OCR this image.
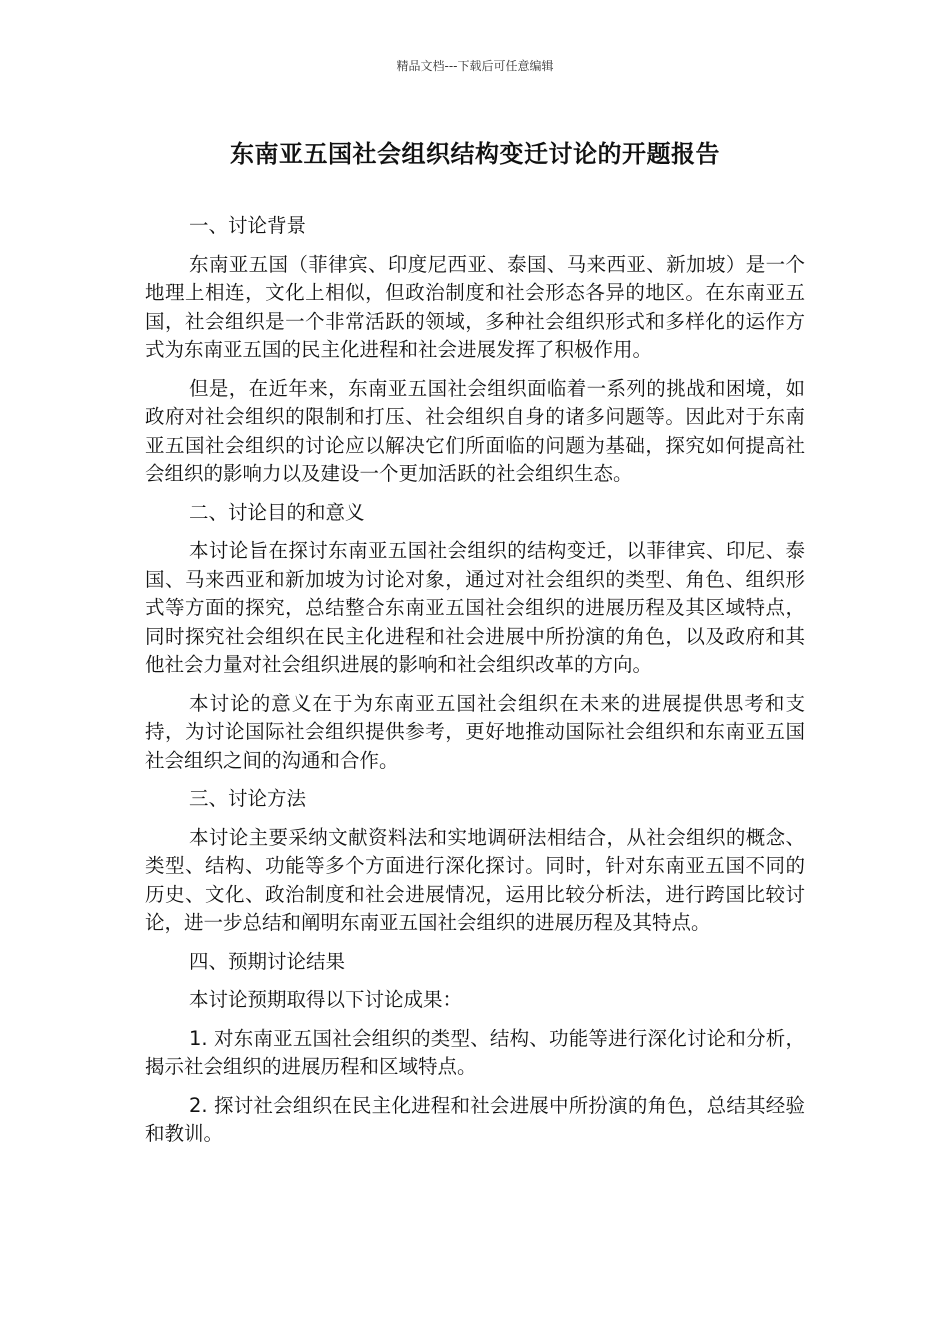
精品文档---下载后可任意编辑
东南亚五国社会组织结构变迁讨论的开题报告

一、讨论背景

东南亚五国（菲律宾、印度尼西亚、泰国、马来西亚、新加坡）是一个地理上相连，文化上相似，但政治制度和社会形态各异的地区。在东南亚五国，社会组织是一个非常活跃的领域，多种社会组织形式和多样化的运作方式为东南亚五国的民主化进程和社会进展发挥了积极作用。

但是，在近年来，东南亚五国社会组织面临着一系列的挑战和困境，如政府对社会组织的限制和打压、社会组织自身的诸多问题等。因此对于东南亚五国社会组织的讨论应以解决它们所面临的问题为基础，探究如何提高社会组织的影响力以及建设一个更加活跃的社会组织生态。

二、讨论目的和意义

本讨论旨在探讨东南亚五国社会组织的结构变迁，以菲律宾、印尼、泰国、马来西亚和新加坡为讨论对象，通过对社会组织的类型、角色、组织形式等方面的探究，总结整合东南亚五国社会组织的进展历程及其区域特点，同时探究社会组织在民主化进程和社会进展中所扮演的角色，以及政府和其他社会力量对社会组织进展的影响和社会组织改革的方向。

本讨论的意义在于为东南亚五国社会组织在未来的进展提供思考和支持，为讨论国际社会组织提供参考，更好地推动国际社会组织和东南亚五国社会组织之间的沟通和合作。

三、讨论方法

本讨论主要采纳文献资料法和实地调研法相结合，从社会组织的概念、类型、结构、功能等多个方面进行深化探讨。同时，针对东南亚五国不同的历史、文化、政治制度和社会进展情况，运用比较分析法，进行跨国比较讨论，进一步总结和阐明东南亚五国社会组织的进展历程及其特点。

四、预期讨论结果

本讨论预期取得以下讨论成果：

1. 对东南亚五国社会组织的类型、结构、功能等进行深化讨论和分析，揭示社会组织的进展历程和区域特点。

2. 探讨社会组织在民主化进程和社会进展中所扮演的角色，总结其经验和教训。
